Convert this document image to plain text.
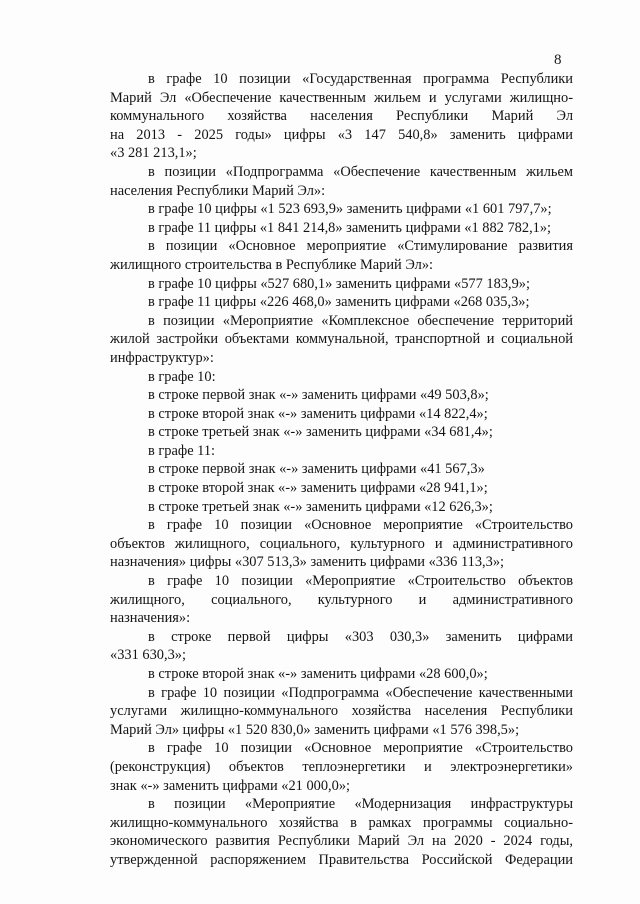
8
в графе 10 позиции «Государственная программа Республики
Марий Эл «Обеспечение качественным жильем и услугами жилищно-
коммунального хозяйства населения Республики Марий Эл
на 2013 - 2025 годы» цифры «3 147 540,8» заменить цифрами
«3 281 213,1»;
в позиции «Подпрограмма «Обеспечение качественным жильем
населения Республики Марий Эл»:
в графе 10 цифры «1 523 693,9» заменить цифрами «1 601 797,7»;
в графе 11 цифры «1 841 214,8» заменить цифрами «1 882 782,1»;
в позиции «Основное мероприятие «Стимулирование развития
жилищного строительства в Республике Марий Эл»:
в графе 10 цифры «527 680,1» заменить цифрами «577 183,9»;
в графе 11 цифры «226 468,0» заменить цифрами «268 035,3»;
в позиции «Мероприятие «Комплексное обеспечение территорий
жилой застройки объектами коммунальной, транспортной и социальной
инфраструктур»:
в графе 10:
в строке первой знак «-» заменить цифрами «49 503,8»;
в строке второй знак «-» заменить цифрами «14 822,4»;
в строке третьей знак «-» заменить цифрами «34 681,4»;
в графе 11:
в строке первой знак «-» заменить цифрами «41 567,3»
в строке второй знак «-» заменить цифрами «28 941,1»;
в строке третьей знак «-» заменить цифрами «12 626,3»;
в графе 10 позиции «Основное мероприятие «Строительство
объектов жилищного, социального, культурного и административного
назначения» цифры «307 513,3» заменить цифрами «336 113,3»;
в графе 10 позиции «Мероприятие «Строительство объектов
жилищного, социального, культурного и административного
назначения»:
в строке первой цифры «303 030,3» заменить цифрами
«331 630,3»;
в строке второй знак «-» заменить цифрами «28 600,0»;
в графе 10 позиции «Подпрограмма «Обеспечение качественными
услугами жилищно-коммунального хозяйства населения Республики
Марий Эл» цифры «1 520 830,0» заменить цифрами «1 576 398,5»;
в графе 10 позиции «Основное мероприятие «Строительство
(реконструкция) объектов теплоэнергетики и электроэнергетики»
знак «-» заменить цифрами «21 000,0»;
в позиции «Мероприятие «Модернизация инфраструктуры
жилищно-коммунального хозяйства в рамках программы социально-
экономического развития Республики Марий Эл на 2020 - 2024 годы,
утвержденной распоряжением Правительства Российской Федерации
